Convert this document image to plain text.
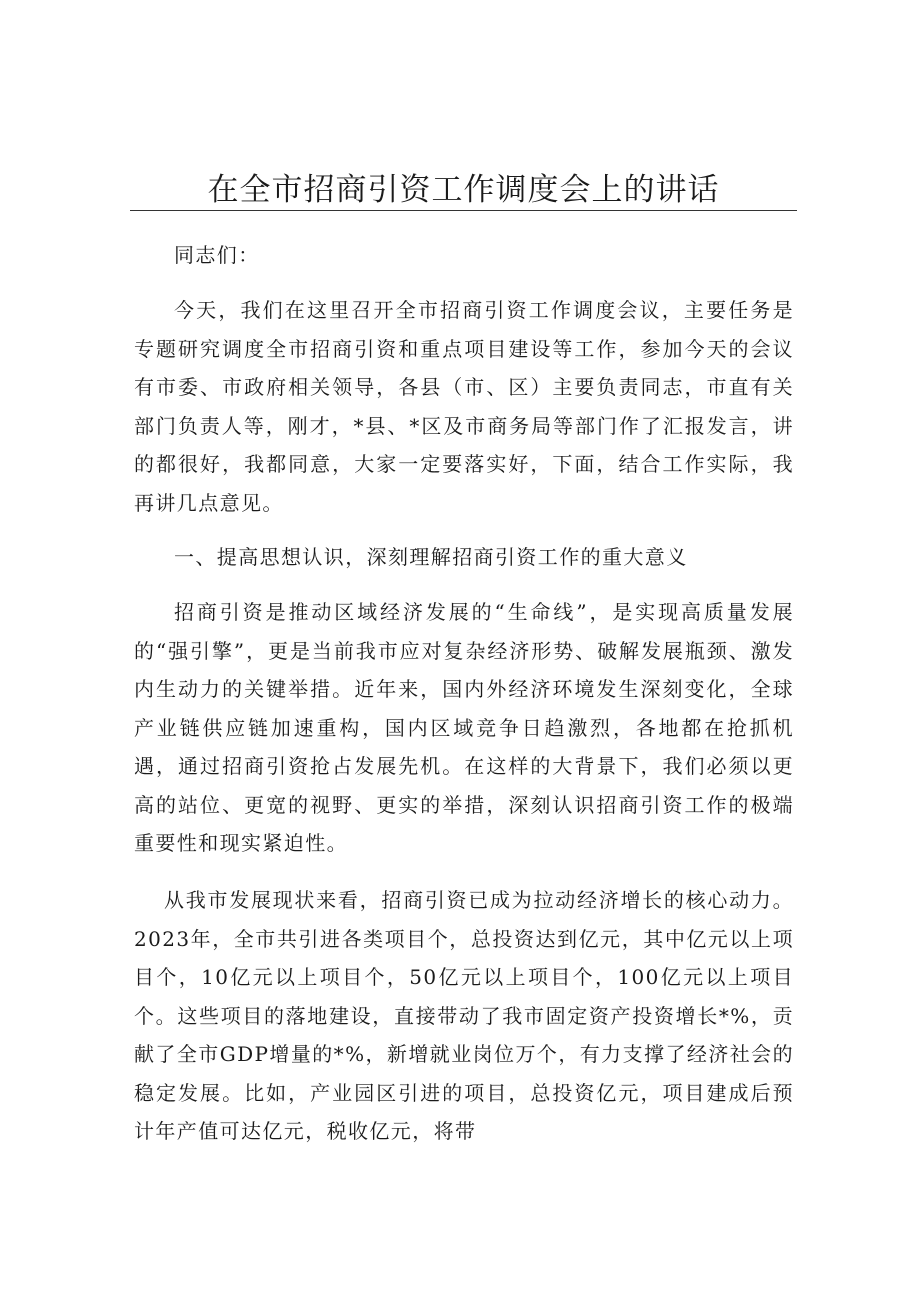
在全市招商引资工作调度会上的讲话

同志们：

今天，我们在这里召开全市招商引资工作调度会议，主要任务是专题研究调度全市招商引资和重点项目建设等工作，参加今天的会议有市委、市政府相关领导，各县（市、区）主要负责同志，市直有关部门负责人等，刚才，*县、*区及市商务局等部门作了汇报发言，讲的都很好，我都同意，大家一定要落实好，下面，结合工作实际，我再讲几点意见。

一、提高思想认识，深刻理解招商引资工作的重大意义

招商引资是推动区域经济发展的“生命线”，是实现高质量发展的“强引擎”，更是当前我市应对复杂经济形势、破解发展瓶颈、激发内生动力的关键举措。近年来，国内外经济环境发生深刻变化，全球产业链供应链加速重构，国内区域竞争日趋激烈，各地都在抢抓机遇，通过招商引资抢占发展先机。在这样的大背景下，我们必须以更高的站位、更宽的视野、更实的举措，深刻认识招商引资工作的极端重要性和现实紧迫性。

从我市发展现状来看，招商引资已成为拉动经济增长的核心动力。2023年，全市共引进各类项目个，总投资达到亿元，其中亿元以上项目个，10亿元以上项目个，50亿元以上项目个，100亿元以上项目个。这些项目的落地建设，直接带动了我市固定资产投资增长*%，贡献了全市GDP增量的*%，新增就业岗位万个，有力支撑了经济社会的稳定发展。比如，产业园区引进的项目，总投资亿元，项目建成后预计年产值可达亿元，税收亿元，将带
